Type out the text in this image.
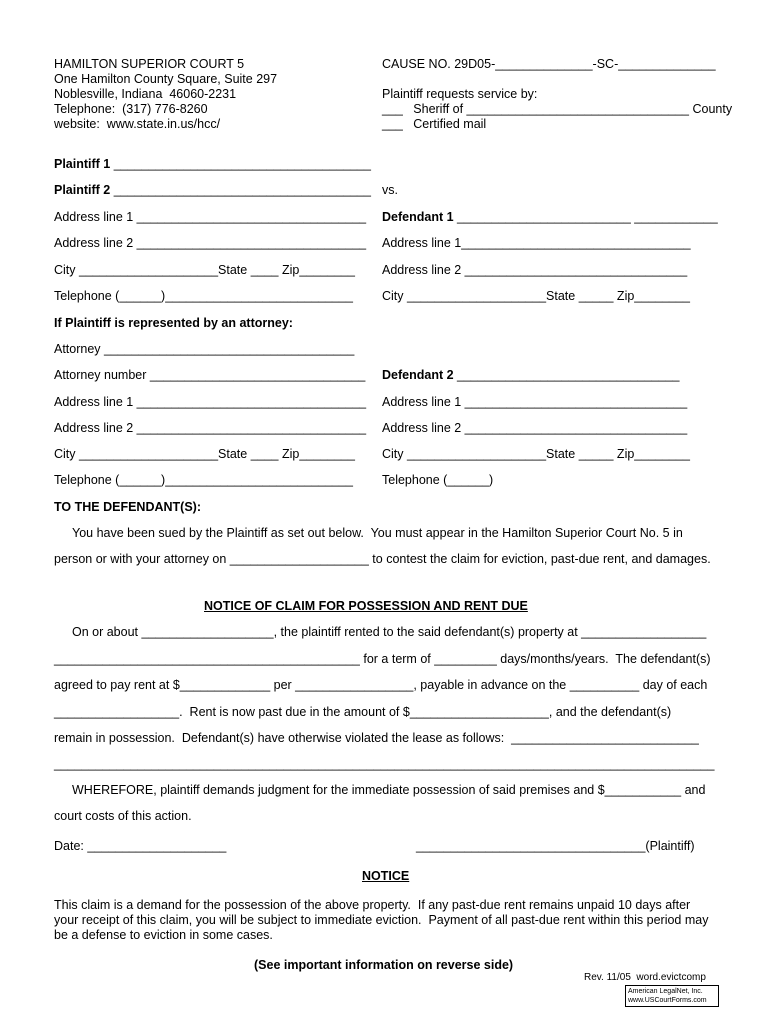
HAMILTON SUPERIOR COURT 5
One Hamilton County Square, Suite 297
Noblesville, Indiana  46060-2231
Telephone:  (317) 776-8260
website:  www.state.in.us/hcc/
CAUSE NO. 29D05-______________-SC-______________
Plaintiff requests service by:
___   Sheriff of ________________________________ County
___   Certified mail
Plaintiff 1 _____________________________________
Plaintiff 2 _____________________________________
Address line 1 _________________________________
Address line 2 _________________________________
City ____________________State ____ Zip________
Telephone (______)___________________________
If Plaintiff is represented by an attorney:
Attorney ____________________________________
Attorney number _______________________________
Address line 1 _________________________________
Address line 2 _________________________________
City ____________________State ____ Zip________
Telephone (______)___________________________
vs.
Defendant 1 _________________________ ____________
Address line 1_________________________________
Address line 2 ________________________________
City ____________________State _____ Zip________
Defendant 2 ________________________________
Address line 1 ________________________________
Address line 2 ________________________________
City ____________________State _____ Zip________
Telephone (______)
TO THE DEFENDANT(S):
You have been sued by the Plaintiff as set out below.  You must appear in the Hamilton Superior Court No. 5 in
person or with your attorney on ____________________ to contest the claim for eviction, past-due rent, and damages.
NOTICE OF CLAIM FOR POSSESSION AND RENT DUE
On or about ___________________, the plaintiff rented to the said defendant(s) property at __________________
____________________________________________ for a term of _________ days/months/years.  The defendant(s)
agreed to pay rent at $_____________ per _________________, payable in advance on the __________ day of each
__________________.  Rent is now past due in the amount of $____________________, and the defendant(s)
remain in possession.  Defendant(s) have otherwise violated the lease as follows:  ___________________________
_______________________________________________________________________________________________
WHEREFORE, plaintiff demands judgment for the immediate possession of said premises and $___________ and
court costs of this action.
Date: ____________________	_________________________________(Plaintiff)
NOTICE
This claim is a demand for the possession of the above property.  If any past-due rent remains unpaid 10 days after
your receipt of this claim, you will be subject to immediate eviction.  Payment of all past-due rent within this period may
be a defense to eviction in some cases.
(See important information on reverse side)
Rev. 11/05  word.evictcomp
American LegalNet, Inc.
www.USCourtForms.com
